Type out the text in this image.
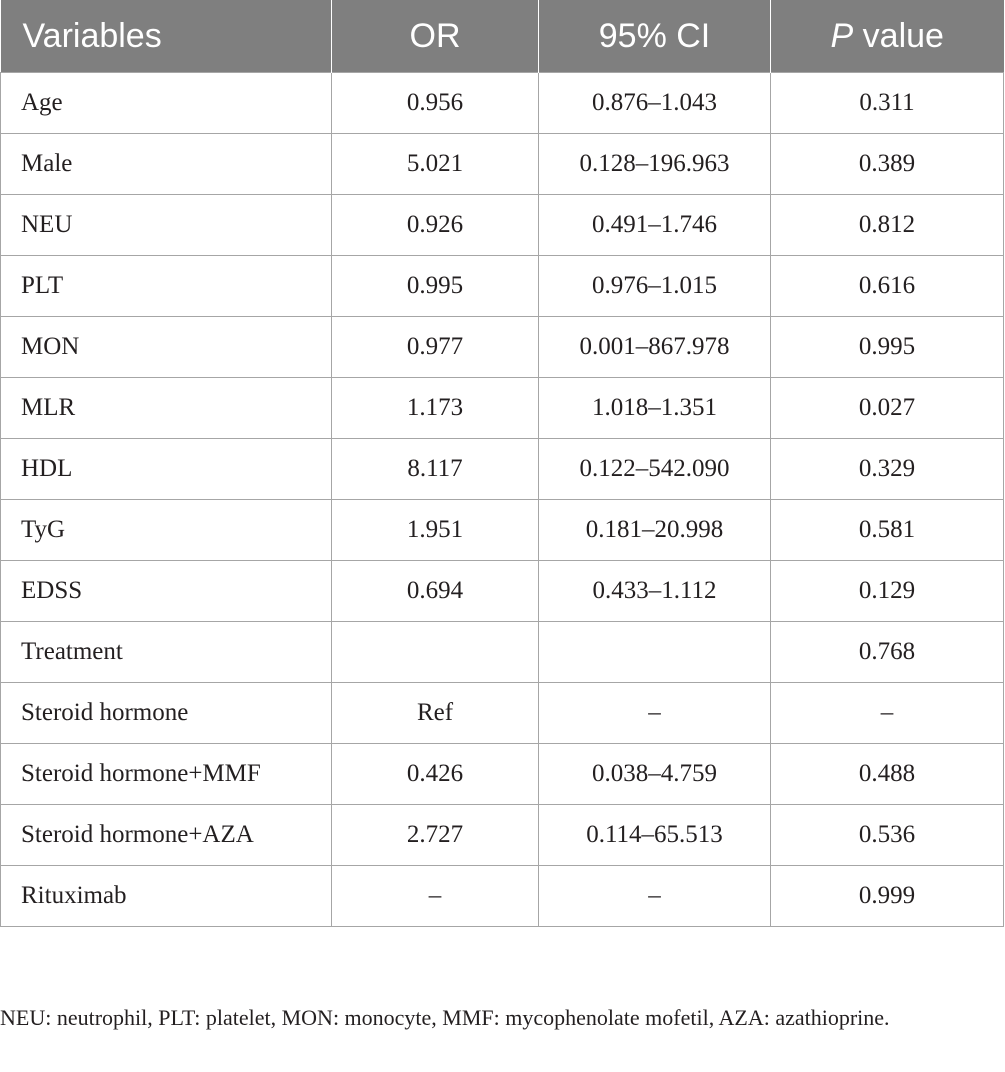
Variables	OR	95% CI	P value
Age	0.956	0.876–1.043	0.311
Male	5.021	0.128–196.963	0.389
NEU	0.926	0.491–1.746	0.812
PLT	0.995	0.976–1.015	0.616
MON	0.977	0.001–867.978	0.995
MLR	1.173	1.018–1.351	0.027
HDL	8.117	0.122–542.090	0.329
TyG	1.951	0.181–20.998	0.581
EDSS	0.694	0.433–1.112	0.129
Treatment			0.768
Steroid hormone	Ref	–	–
Steroid hormone+MMF	0.426	0.038–4.759	0.488
Steroid hormone+AZA	2.727	0.114–65.513	0.536
Rituximab	–	–	0.999

NEU: neutrophil, PLT: platelet, MON: monocyte, MMF: mycophenolate mofetil, AZA: azathioprine.
